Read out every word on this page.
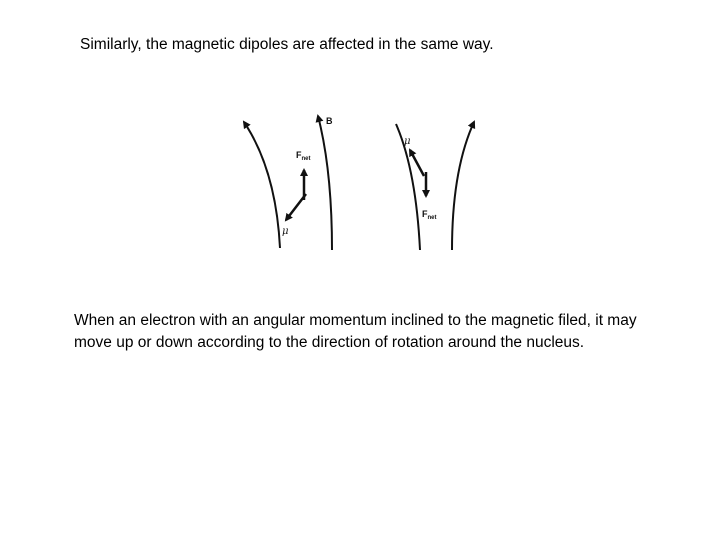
Similarly, the magnetic dipoles are affected in the same way.
B
$F_{net}$
μ
μ
$F_{net}$
When an electron with an angular momentum inclined to the magnetic filed, it may move up or down according to the direction of rotation around the nucleus.
